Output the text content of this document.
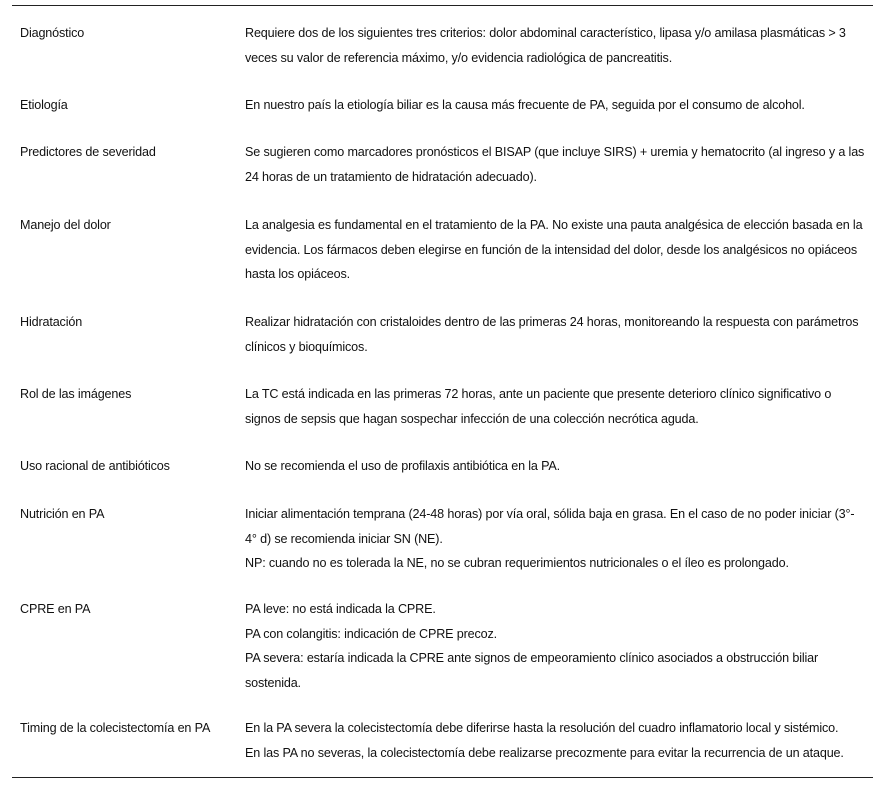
Diagnóstico	Requiere dos de los siguientes tres criterios: dolor abdominal característico, lipasa y/o amilasa plasmáticas > 3
veces su valor de referencia máximo, y/o evidencia radiológica de pancreatitis.
Etiología	En nuestro país la etiología biliar es la causa más frecuente de PA, seguida por el consumo de alcohol.
Predictores de severidad	Se sugieren como marcadores pronósticos el BISAP (que incluye SIRS) + uremia y hematocrito (al ingreso y a las
24 horas de un tratamiento de hidratación adecuado).
Manejo del dolor	La analgesia es fundamental en el tratamiento de la PA. No existe una pauta analgésica de elección basada en la
evidencia. Los fármacos deben elegirse en función de la intensidad del dolor, desde los analgésicos no opiáceos
hasta los opiáceos.
Hidratación	Realizar hidratación con cristaloides dentro de las primeras 24 horas, monitoreando la respuesta con parámetros
clínicos y bioquímicos.
Rol de las imágenes	La TC está indicada en las primeras 72 horas, ante un paciente que presente deterioro clínico significativo o
signos de sepsis que hagan sospechar infección de una colección necrótica aguda.
Uso racional de antibióticos	No se recomienda el uso de profilaxis antibiótica en la PA.
Nutrición en PA	Iniciar alimentación temprana (24-48 horas) por vía oral, sólida baja en grasa. En el caso de no poder iniciar (3°-
4° d) se recomienda iniciar SN (NE).
NP: cuando no es tolerada la NE, no se cubran requerimientos nutricionales o el íleo es prolongado.
CPRE en PA	PA leve: no está indicada la CPRE.
PA con colangitis: indicación de CPRE precoz.
PA severa: estaría indicada la CPRE ante signos de empeoramiento clínico asociados a obstrucción biliar
sostenida.
Timing de la colecistectomía en PA	En la PA severa la colecistectomía debe diferirse hasta la resolución del cuadro inflamatorio local y sistémico.
En las PA no severas, la colecistectomía debe realizarse precozmente para evitar la recurrencia de un ataque.
